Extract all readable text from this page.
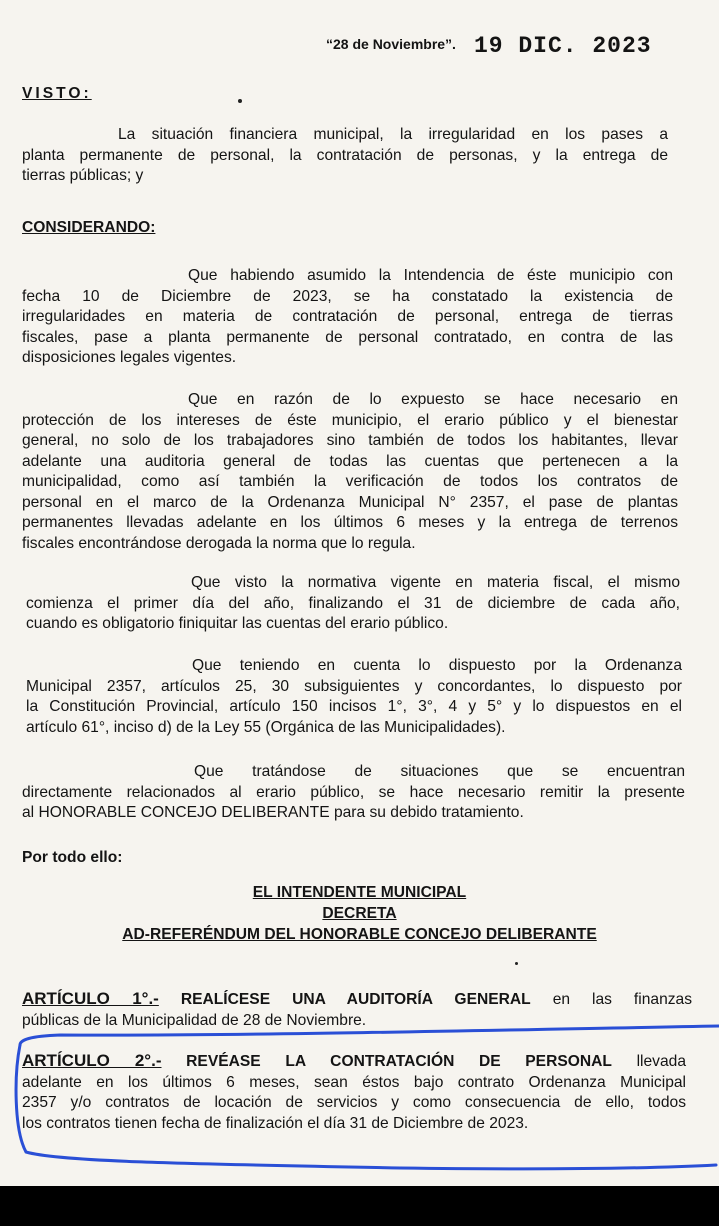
“28 de Noviembre”. 19 DIC. 2023
VISTO:
La situación financiera municipal, la irregularidad en los pases a
planta permanente de personal, la contratación de personas, y la entrega de
tierras públicas; y
CONSIDERANDO:
Que habiendo asumido la Intendencia de éste municipio con
fecha 10 de Diciembre de 2023, se ha constatado la existencia de
irregularidades en materia de contratación de personal, entrega de tierras
fiscales, pase a planta permanente de personal contratado, en contra de las
disposiciones legales vigentes.
Que en razón de lo expuesto se hace necesario en
protección de los intereses de éste municipio, el erario público y el bienestar
general, no solo de los trabajadores sino también de todos los habitantes, llevar
adelante una auditoria general de todas las cuentas que pertenecen a la
municipalidad, como así también la verificación de todos los contratos de
personal en el marco de la Ordenanza Municipal N° 2357, el pase de plantas
permanentes llevadas adelante en los últimos 6 meses y la entrega de terrenos
fiscales encontrándose derogada la norma que lo regula.
Que visto la normativa vigente en materia fiscal, el mismo
comienza el primer día del año, finalizando el 31 de diciembre de cada año,
cuando es obligatorio finiquitar las cuentas del erario público.
Que teniendo en cuenta lo dispuesto por la Ordenanza
Municipal 2357, artículos 25, 30 subsiguientes y concordantes, lo dispuesto por
la Constitución Provincial, artículo 150 incisos 1°, 3°, 4 y 5° y lo dispuestos en el
artículo 61°, inciso d) de la Ley 55 (Orgánica de las Municipalidades).
Que tratándose de situaciones que se encuentran
directamente relacionados al erario público, se hace necesario remitir la presente
al HONORABLE CONCEJO DELIBERANTE para su debido tratamiento.
Por todo ello:
EL INTENDENTE MUNICIPAL
DECRETA
AD-REFERÉNDUM DEL HONORABLE CONCEJO DELIBERANTE
ARTÍCULO 1°.- REALÍCESE UNA AUDITORÍA GENERAL en las finanzas
públicas de la Municipalidad de 28 de Noviembre.
ARTÍCULO 2°.- REVÉASE LA CONTRATACIÓN DE PERSONAL llevada
adelante en los últimos 6 meses, sean éstos bajo contrato Ordenanza Municipal
2357 y/o contratos de locación de servicios y como consecuencia de ello, todos
los contratos tienen fecha de finalización el día 31 de Diciembre de 2023.
